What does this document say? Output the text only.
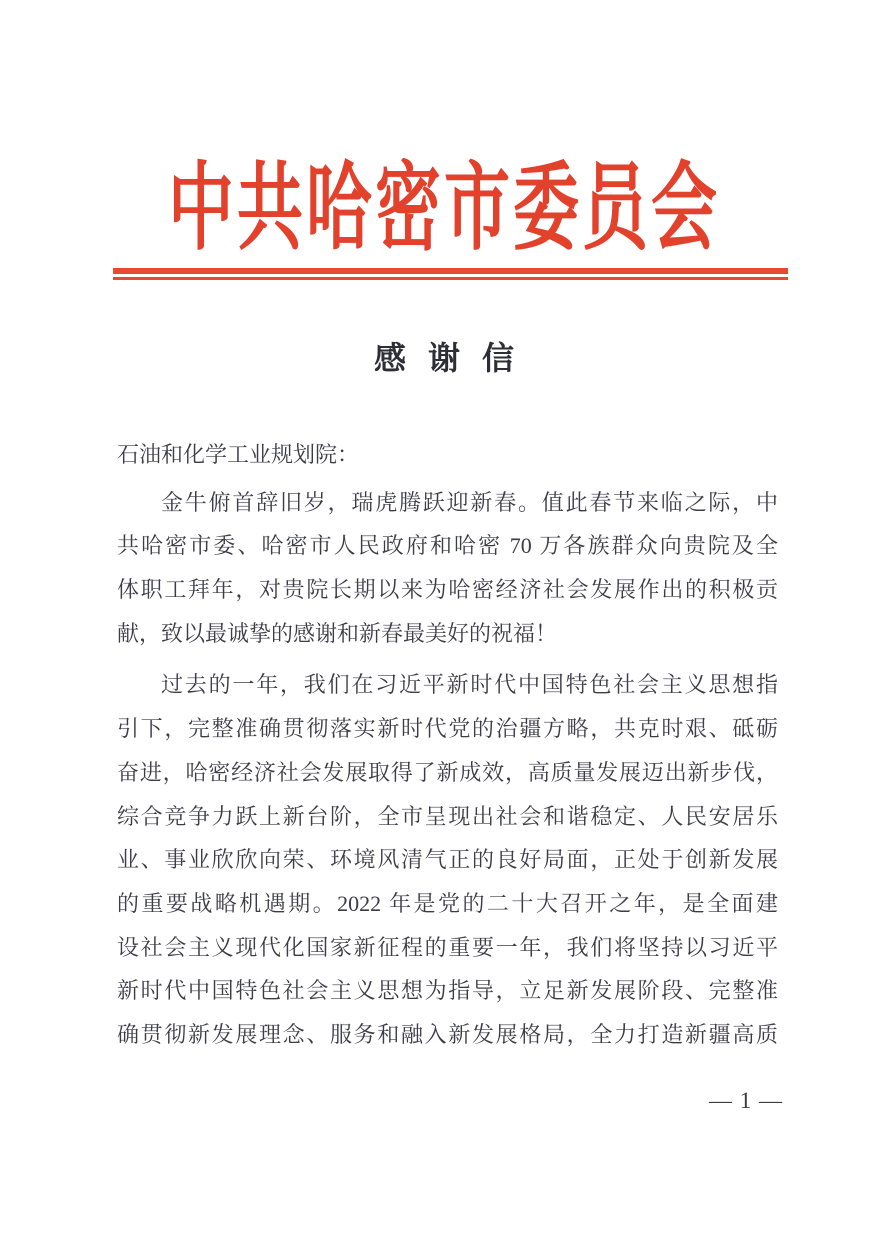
中共哈密市委员会
感 谢 信
石油和化学工业规划院：
金牛俯首辞旧岁，瑞虎腾跃迎新春。值此春节来临之际，中
共哈密市委、哈密市人民政府和哈密 70 万各族群众向贵院及全
体职工拜年，对贵院长期以来为哈密经济社会发展作出的积极贡
献，致以最诚挚的感谢和新春最美好的祝福！
过去的一年，我们在习近平新时代中国特色社会主义思想指
引下，完整准确贯彻落实新时代党的治疆方略，共克时艰、砥砺
奋进，哈密经济社会发展取得了新成效，高质量发展迈出新步伐，
综合竞争力跃上新台阶，全市呈现出社会和谐稳定、人民安居乐
业、事业欣欣向荣、环境风清气正的良好局面，正处于创新发展
的重要战略机遇期。2022 年是党的二十大召开之年，是全面建
设社会主义现代化国家新征程的重要一年，我们将坚持以习近平
新时代中国特色社会主义思想为指导，立足新发展阶段、完整准
确贯彻新发展理念、服务和融入新发展格局，全力打造新疆高质
— 1 —
